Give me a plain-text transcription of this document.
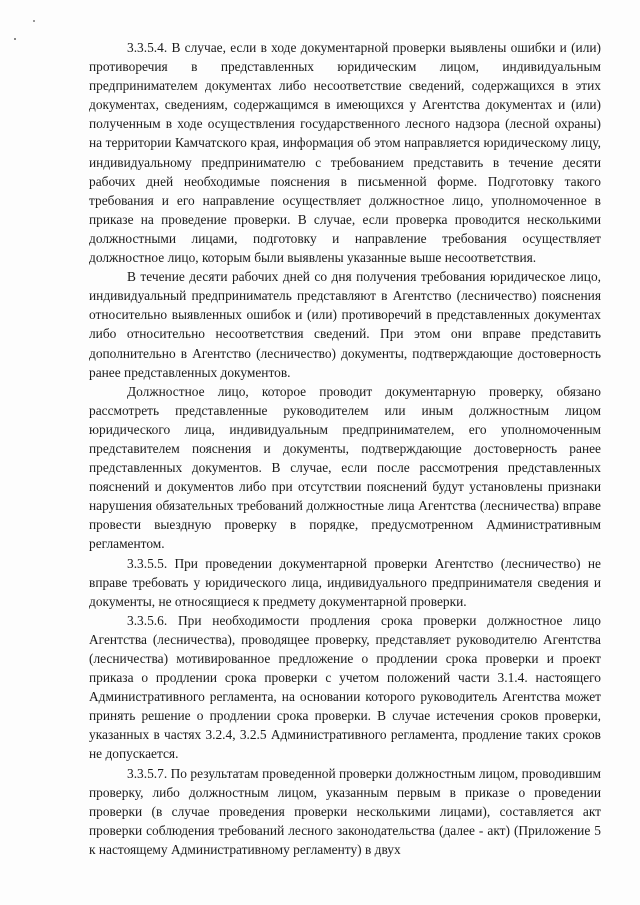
3.3.5.4. В случае, если в ходе документарной проверки выявлены ошибки и (или) противоречия в представленных юридическим лицом, индивидуальным предпринимателем документах либо несоответствие сведений, содержащихся в этих документах, сведениям, содержащимся в имеющихся у Агентства документах и (или) полученным в ходе осуществления государственного лесного надзора (лесной охраны) на территории Камчатского края, информация об этом направляется юридическому лицу, индивидуальному предпринимателю с требованием представить в течение десяти рабочих дней необходимые пояснения в письменной форме. Подготовку такого требования и его направление осуществляет должностное лицо, уполномоченное в приказе на проведение проверки. В случае, если проверка проводится несколькими должностными лицами, подготовку и направление требования осуществляет должностное лицо, которым были выявлены указанные выше несоответствия.

В течение десяти рабочих дней со дня получения требования юридическое лицо, индивидуальный предприниматель представляют в Агентство (лесничество) пояснения относительно выявленных ошибок и (или) противоречий в представленных документах либо относительно несоответствия сведений. При этом они вправе представить дополнительно в Агентство (лесничество) документы, подтверждающие достоверность ранее представленных документов.

Должностное лицо, которое проводит документарную проверку, обязано рассмотреть представленные руководителем или иным должностным лицом юридического лица, индивидуальным предпринимателем, его уполномоченным представителем пояснения и документы, подтверждающие достоверность ранее представленных документов. В случае, если после рассмотрения представленных пояснений и документов либо при отсутствии пояснений будут установлены признаки нарушения обязательных требований должностные лица Агентства (лесничества) вправе провести выездную проверку в порядке, предусмотренном Административным регламентом.

3.3.5.5. При проведении документарной проверки Агентство (лесничество) не вправе требовать у юридического лица, индивидуального предпринимателя сведения и документы, не относящиеся к предмету документарной проверки.

3.3.5.6. При необходимости продления срока проверки должностное лицо Агентства (лесничества), проводящее проверку, представляет руководителю Агентства (лесничества) мотивированное предложение о продлении срока проверки и проект приказа о продлении срока проверки с учетом положений части 3.1.4. настоящего Административного регламента, на основании которого руководитель Агентства может принять решение о продлении срока проверки. В случае истечения сроков проверки, указанных в частях 3.2.4, 3.2.5 Административного регламента, продление таких сроков не допускается.

3.3.5.7. По результатам проведенной проверки должностным лицом, проводившим проверку, либо должностным лицом, указанным первым в приказе о проведении проверки (в случае проведения проверки несколькими лицами), составляется акт проверки соблюдения требований лесного законодательства (далее - акт) (Приложение 5 к настоящему Административному регламенту) в двух
